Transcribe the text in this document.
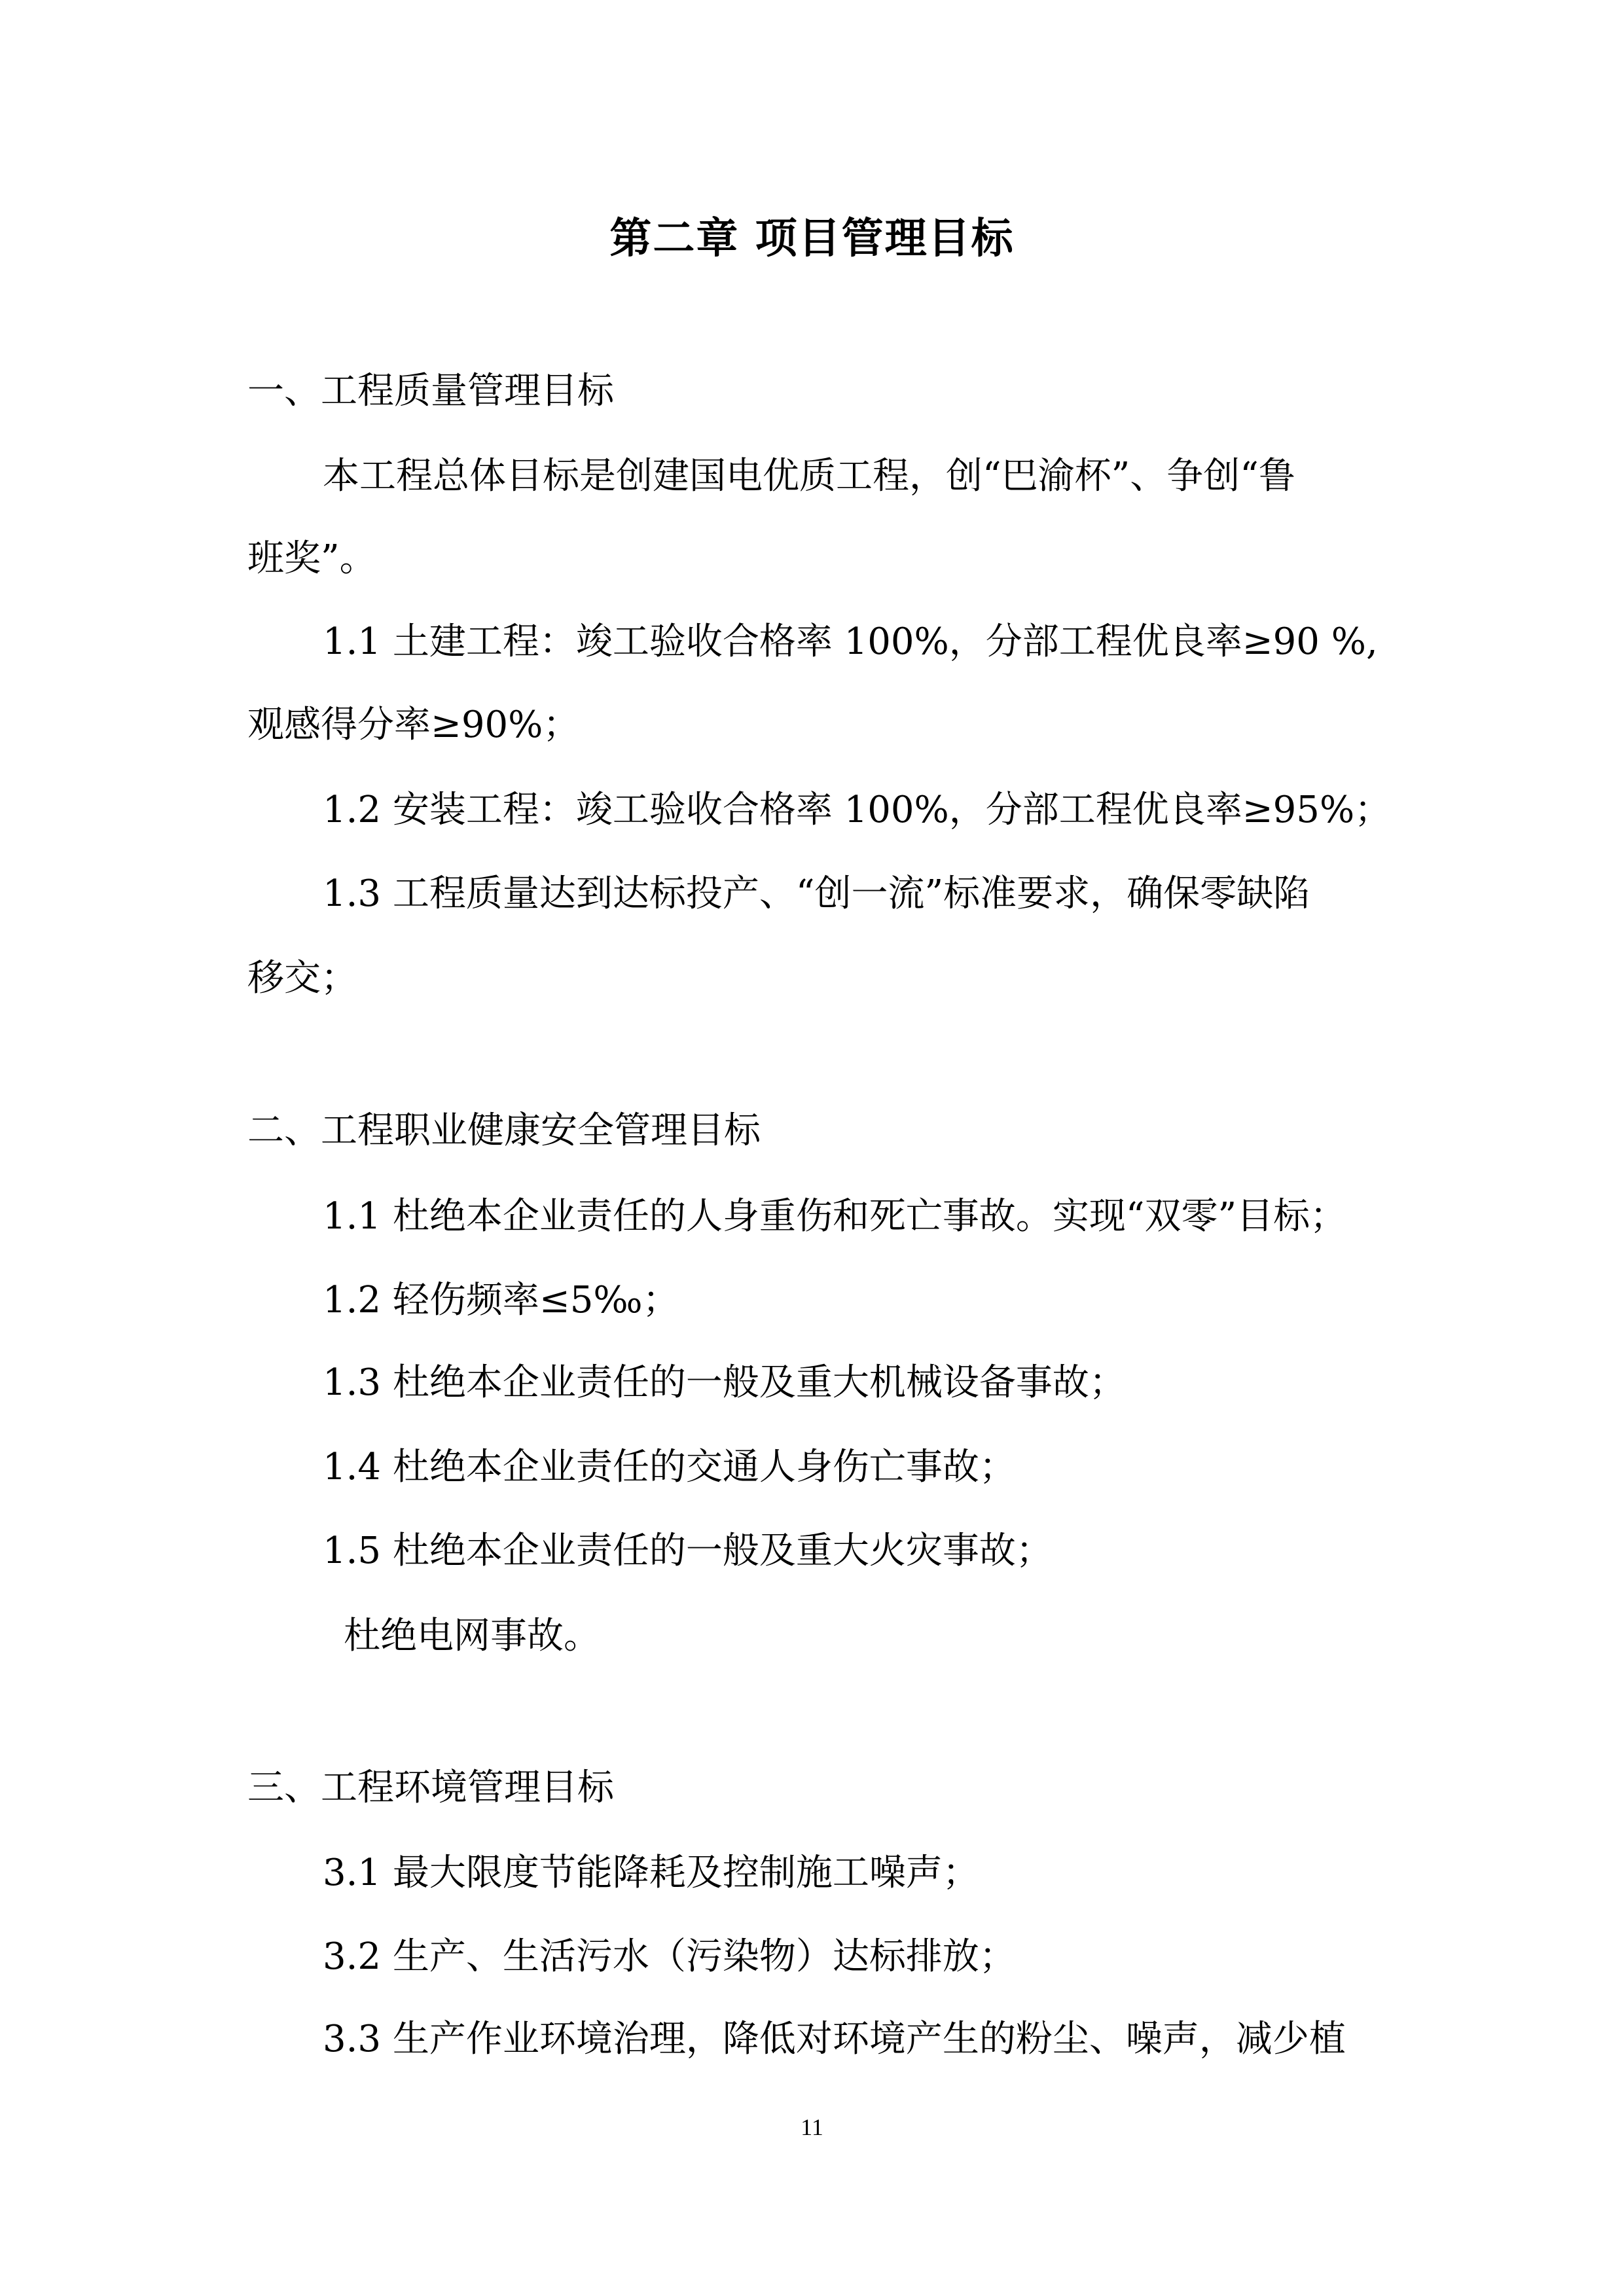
第二章 项目管理目标
一、工程质量管理目标
本工程总体目标是创建国电优质工程，创“巴渝杯”、争创“鲁
班奖”。
1.1 土建工程：竣工验收合格率 100%，分部工程优良率≥90 %,
观感得分率≥90%；
1.2 安装工程：竣工验收合格率 100%，分部工程优良率≥95%；
1.3 工程质量达到达标投产、“创一流”标准要求，确保零缺陷
移交；
二、工程职业健康安全管理目标
1.1 杜绝本企业责任的人身重伤和死亡事故。实现“双零”目标；
1.2 轻伤频率≤5‰；
1.3 杜绝本企业责任的一般及重大机械设备事故；
1.4 杜绝本企业责任的交通人身伤亡事故；
1.5 杜绝本企业责任的一般及重大火灾事故；
杜绝电网事故。
三、工程环境管理目标
3.1 最大限度节能降耗及控制施工噪声；
3.2 生产、生活污水（污染物）达标排放；
3.3 生产作业环境治理，降低对环境产生的粉尘、噪声，减少植
11
